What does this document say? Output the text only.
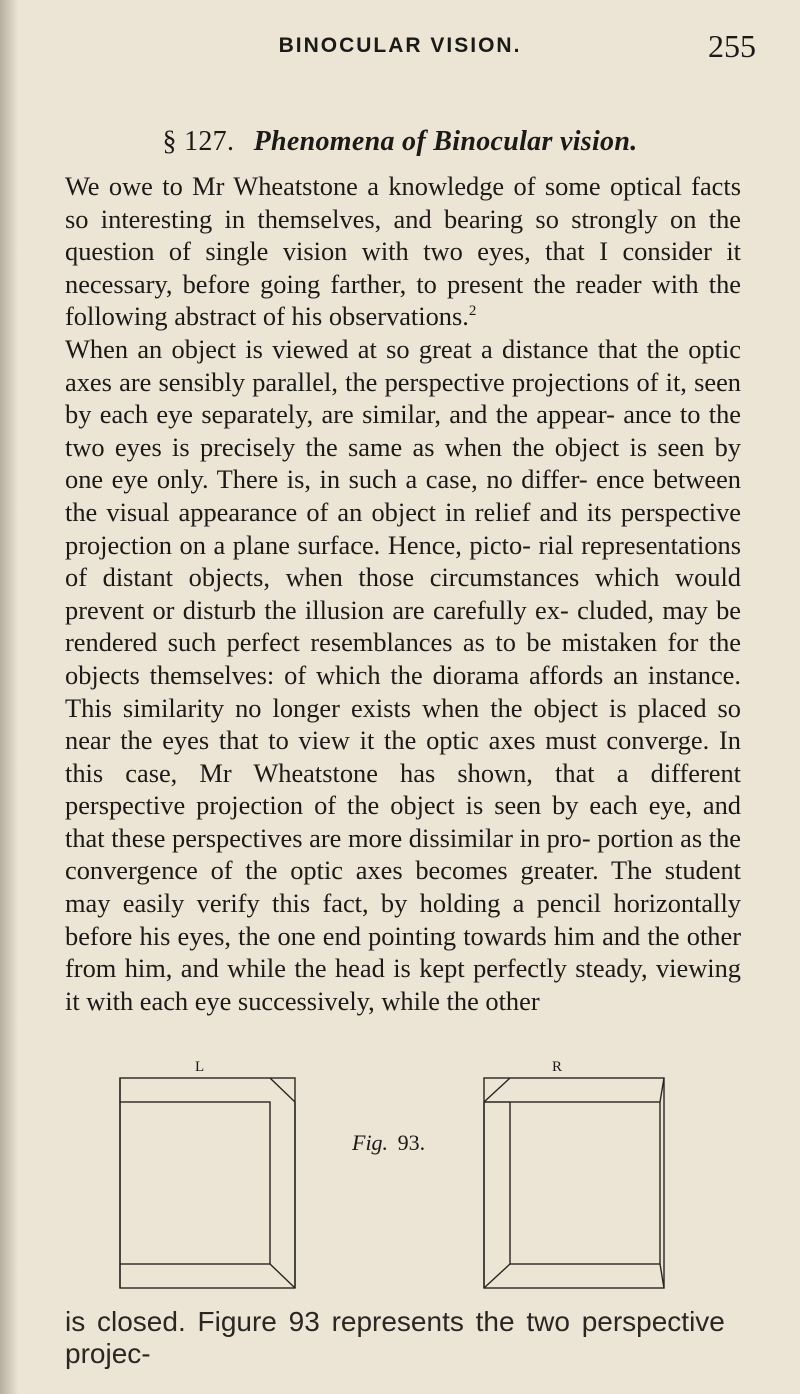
BINOCULAR VISION.	255
§ 127. Phenomena of Binocular vision.

We owe to Mr Wheatstone a knowledge of some optical facts so interesting in themselves, and bearing so strongly on the question of single vision with two eyes, that I consider it necessary, before going farther, to present the reader with the following abstract of his observations.$^2$

When an object is viewed at so great a distance that the optic axes are sensibly parallel, the perspective projections of it, seen by each eye separately, are similar, and the appear- ance to the two eyes is precisely the same as when the object is seen by one eye only. There is, in such a case, no differ- ence between the visual appearance of an object in relief and its perspective projection on a plane surface. Hence, picto- rial representations of distant objects, when those circumstances which would prevent or disturb the illusion are carefully ex- cluded, may be rendered such perfect resemblances as to be mistaken for the objects themselves: of which the diorama affords an instance. This similarity no longer exists when the object is placed so near the eyes that to view it the optic axes must converge. In this case, Mr Wheatstone has shown, that a different perspective projection of the object is seen by each eye, and that these perspectives are more dissimilar in pro- portion as the convergence of the optic axes becomes greater. The student may easily verify this fact, by holding a pencil horizontally before his eyes, the one end pointing towards him and the other from him, and while the head is kept perfectly steady, viewing it with each eye successively, while the other

L	R
Fig. 93.
is closed. Figure 93 represents the two perspective projec-
